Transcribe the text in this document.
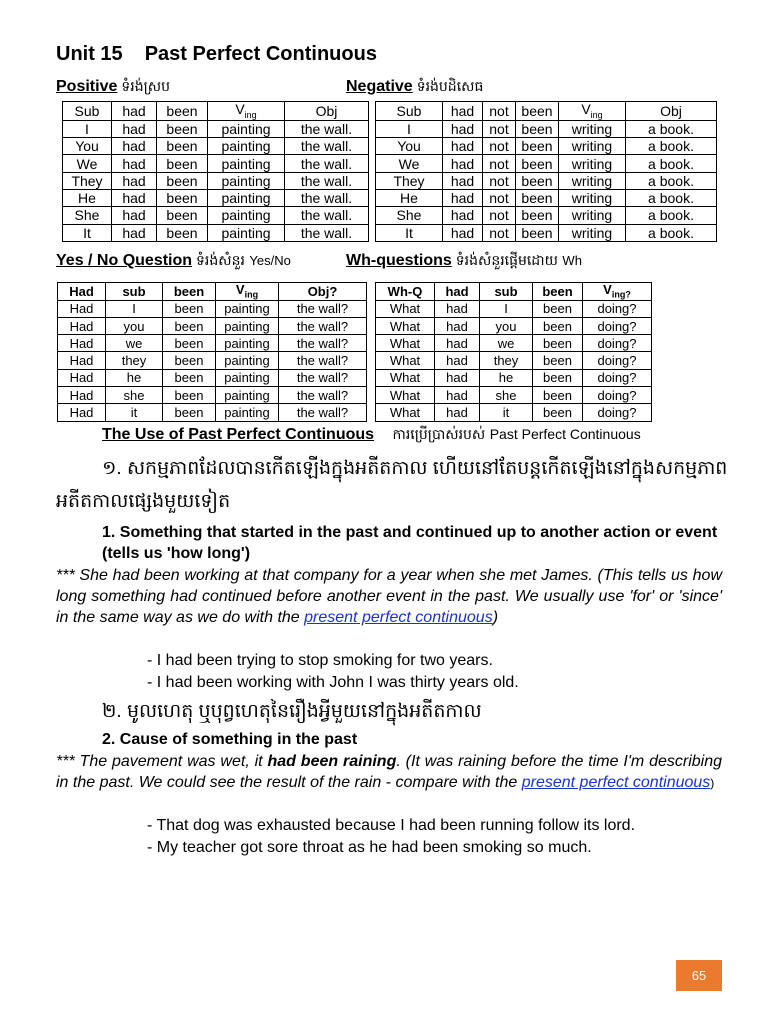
Unit 15 Past Perfect Continuous
Positive ទំរង់ស្រប	Negative ទំរង់បដិសេធ
Sub	had	been	$V_{ing}$	Obj
I	had	been	painting	the wall.
You	had	been	painting	the wall.
We	had	been	painting	the wall.
They	had	been	painting	the wall.
He	had	been	painting	the wall.
She	had	been	painting	the wall.
It	had	been	painting	the wall.
Sub	had	not	been	$V_{ing}$	Obj
I	had	not	been	writing	a book.
You	had	not	been	writing	a book.
We	had	not	been	writing	a book.
They	had	not	been	writing	a book.
He	had	not	been	writing	a book.
She	had	not	been	writing	a book.
It	had	not	been	writing	a book.
Yes / No Question ទំរង់សំនួរ Yes/No	Wh-questions ទំរង់សំនួរផ្តើមដោយ Wh
Had	sub	been	$V_{ing}$	Obj?
Had	I	been	painting	the wall?
Had	you	been	painting	the wall?
Had	we	been	painting	the wall?
Had	they	been	painting	the wall?
Had	he	been	painting	the wall?
Had	she	been	painting	the wall?
Had	it	been	painting	the wall?
Wh-Q	had	sub	been	$V_{ing?}$
What	had	I	been	doing?
What	had	you	been	doing?
What	had	we	been	doing?
What	had	they	been	doing?
What	had	he	been	doing?
What	had	she	been	doing?
What	had	it	been	doing?
The Use of Past Perfect Continuous ការប្រើប្រាស់របស់ Past Perfect Continuous
១. សកម្មភាពដែលបានកើតឡើងក្នុងអតីតកាល ហើយនៅតែបន្តកើតឡើងនៅក្នុងសកម្មភាព
អតីតកាលផ្សេងមួយទៀត
1. Something that started in the past and continued up to another action or event (tells us 'how long')
*** She had been working at that company for a year when she met James. (This tells us how long something had continued before another event in the past. We usually use 'for' or 'since' in the same way as we do with the present perfect continuous)
- I had been trying to stop smoking for two years.
- I had been working with John I was thirty years old.
២. មូលហេតុ ឬបុព្វហេតុនៃរឿងអ្វីមួយនៅក្នុងអតីតកាល
2. Cause of something in the past
*** The pavement was wet, it had been raining. (It was raining before the time I'm describing in the past. We could see the result of the rain - compare with the present perfect continuous)
- That dog was exhausted because I had been running follow its lord.
- My teacher got sore throat as he had been smoking so much.
65
